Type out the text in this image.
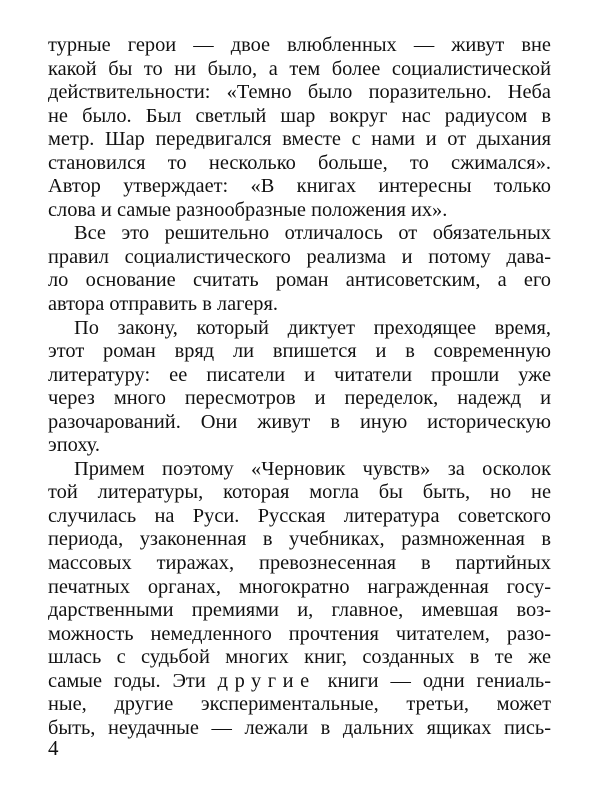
турные герои — двое влюбленных — живут вне
какой бы то ни было, а тем более социалистической
действительности: «Темно было поразительно. Неба
не было. Был светлый шар вокруг нас радиусом в
метр. Шар передвигался вместе с нами и от дыхания
становился то несколько больше, то сжимался».
Автор утверждает: «В книгах интересны только
слова и самые разнообразные положения их».
Все это решительно отличалось от обязательных
правил социалистического реализма и потому дава-
ло основание считать роман антисоветским, а его
автора отправить в лагеря.
По закону, который диктует преходящее время,
этот роман вряд ли впишется и в современную
литературу: ее писатели и читатели прошли уже
через много пересмотров и переделок, надежд и
разочарований. Они живут в иную историческую
эпоху.
Примем поэтому «Черновик чувств» за осколок
той литературы, которая могла бы быть, но не
случилась на Руси. Русская литература советского
периода, узаконенная в учебниках, размноженная в
массовых тиражах, превознесенная в партийных
печатных органах, многократно награжденная госу-
дарственными премиями и, главное, имевшая воз-
можность немедленного прочтения читателем, разо-
шлась с судьбой многих книг, созданных в те же
самые годы. Эти другие книги — одни гениаль-
ные, другие экспериментальные, третьи, может
быть, неудачные — лежали в дальних ящиках пись-
4
